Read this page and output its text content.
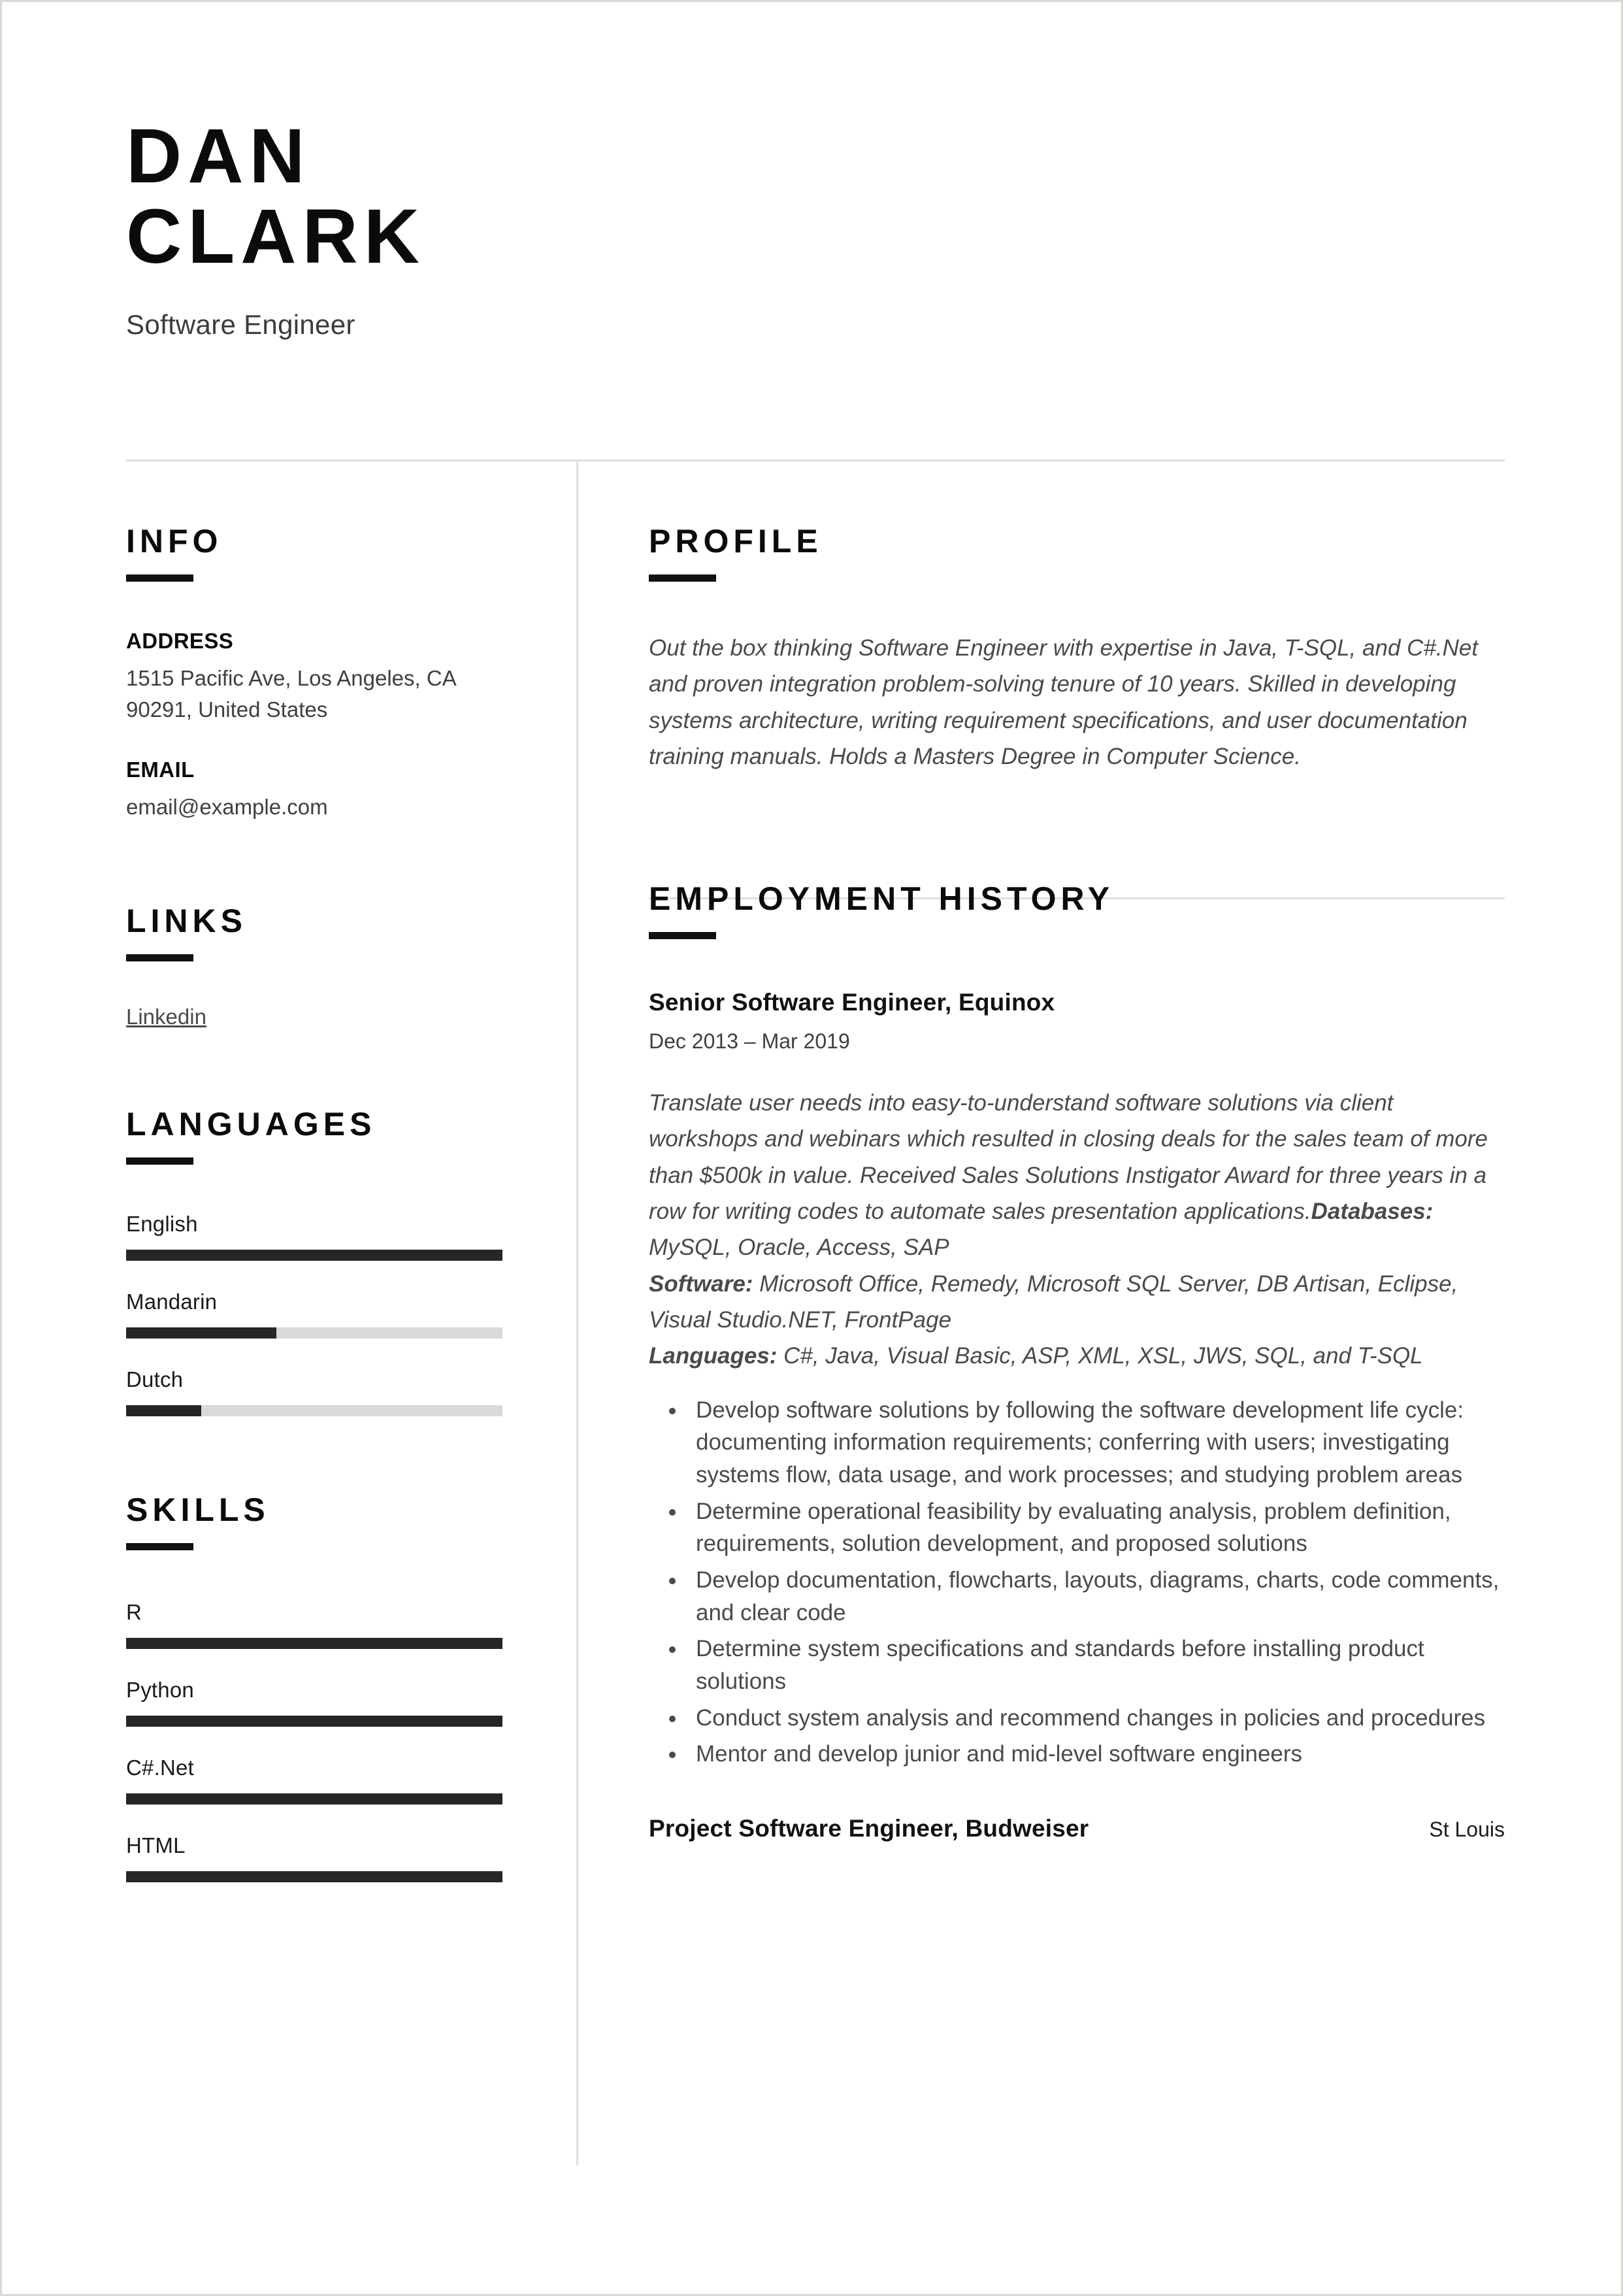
DAN
CLARK
Software Engineer
INFO
ADDRESS
1515 Pacific Ave, Los Angeles, CA 90291, United States
EMAIL
email@example.com
LINKS
Linkedin
LANGUAGES
English
Mandarin
Dutch
SKILLS
R
Python
C#.Net
HTML
PROFILE
Out the box thinking Software Engineer with expertise in Java, T-SQL, and C#.Net and proven integration problem-solving tenure of 10 years. Skilled in developing systems architecture, writing requirement specifications, and user documentation training manuals. Holds a Masters Degree in Computer Science.
EMPLOYMENT HISTORY
Senior Software Engineer, Equinox
Dec 2013 – Mar 2019
Translate user needs into easy-to-understand software solutions via client workshops and webinars which resulted in closing deals for the sales team of more than $500k in value. Received Sales Solutions Instigator Award for three years in a row for writing codes to automate sales presentation applications.Databases: MySQL, Oracle, Access, SAP
Software: Microsoft Office, Remedy, Microsoft SQL Server, DB Artisan, Eclipse, Visual Studio.NET, FrontPage
Languages: C#, Java, Visual Basic, ASP, XML, XSL, JWS, SQL, and T-SQL
• Develop software solutions by following the software development life cycle: documenting information requirements; conferring with users; investigating systems flow, data usage, and work processes; and studying problem areas
• Determine operational feasibility by evaluating analysis, problem definition, requirements, solution development, and proposed solutions
• Develop documentation, flowcharts, layouts, diagrams, charts, code comments, and clear code
• Determine system specifications and standards before installing product solutions
• Conduct system analysis and recommend changes in policies and procedures
• Mentor and develop junior and mid-level software engineers
Project Software Engineer, Budweiser	St Louis
